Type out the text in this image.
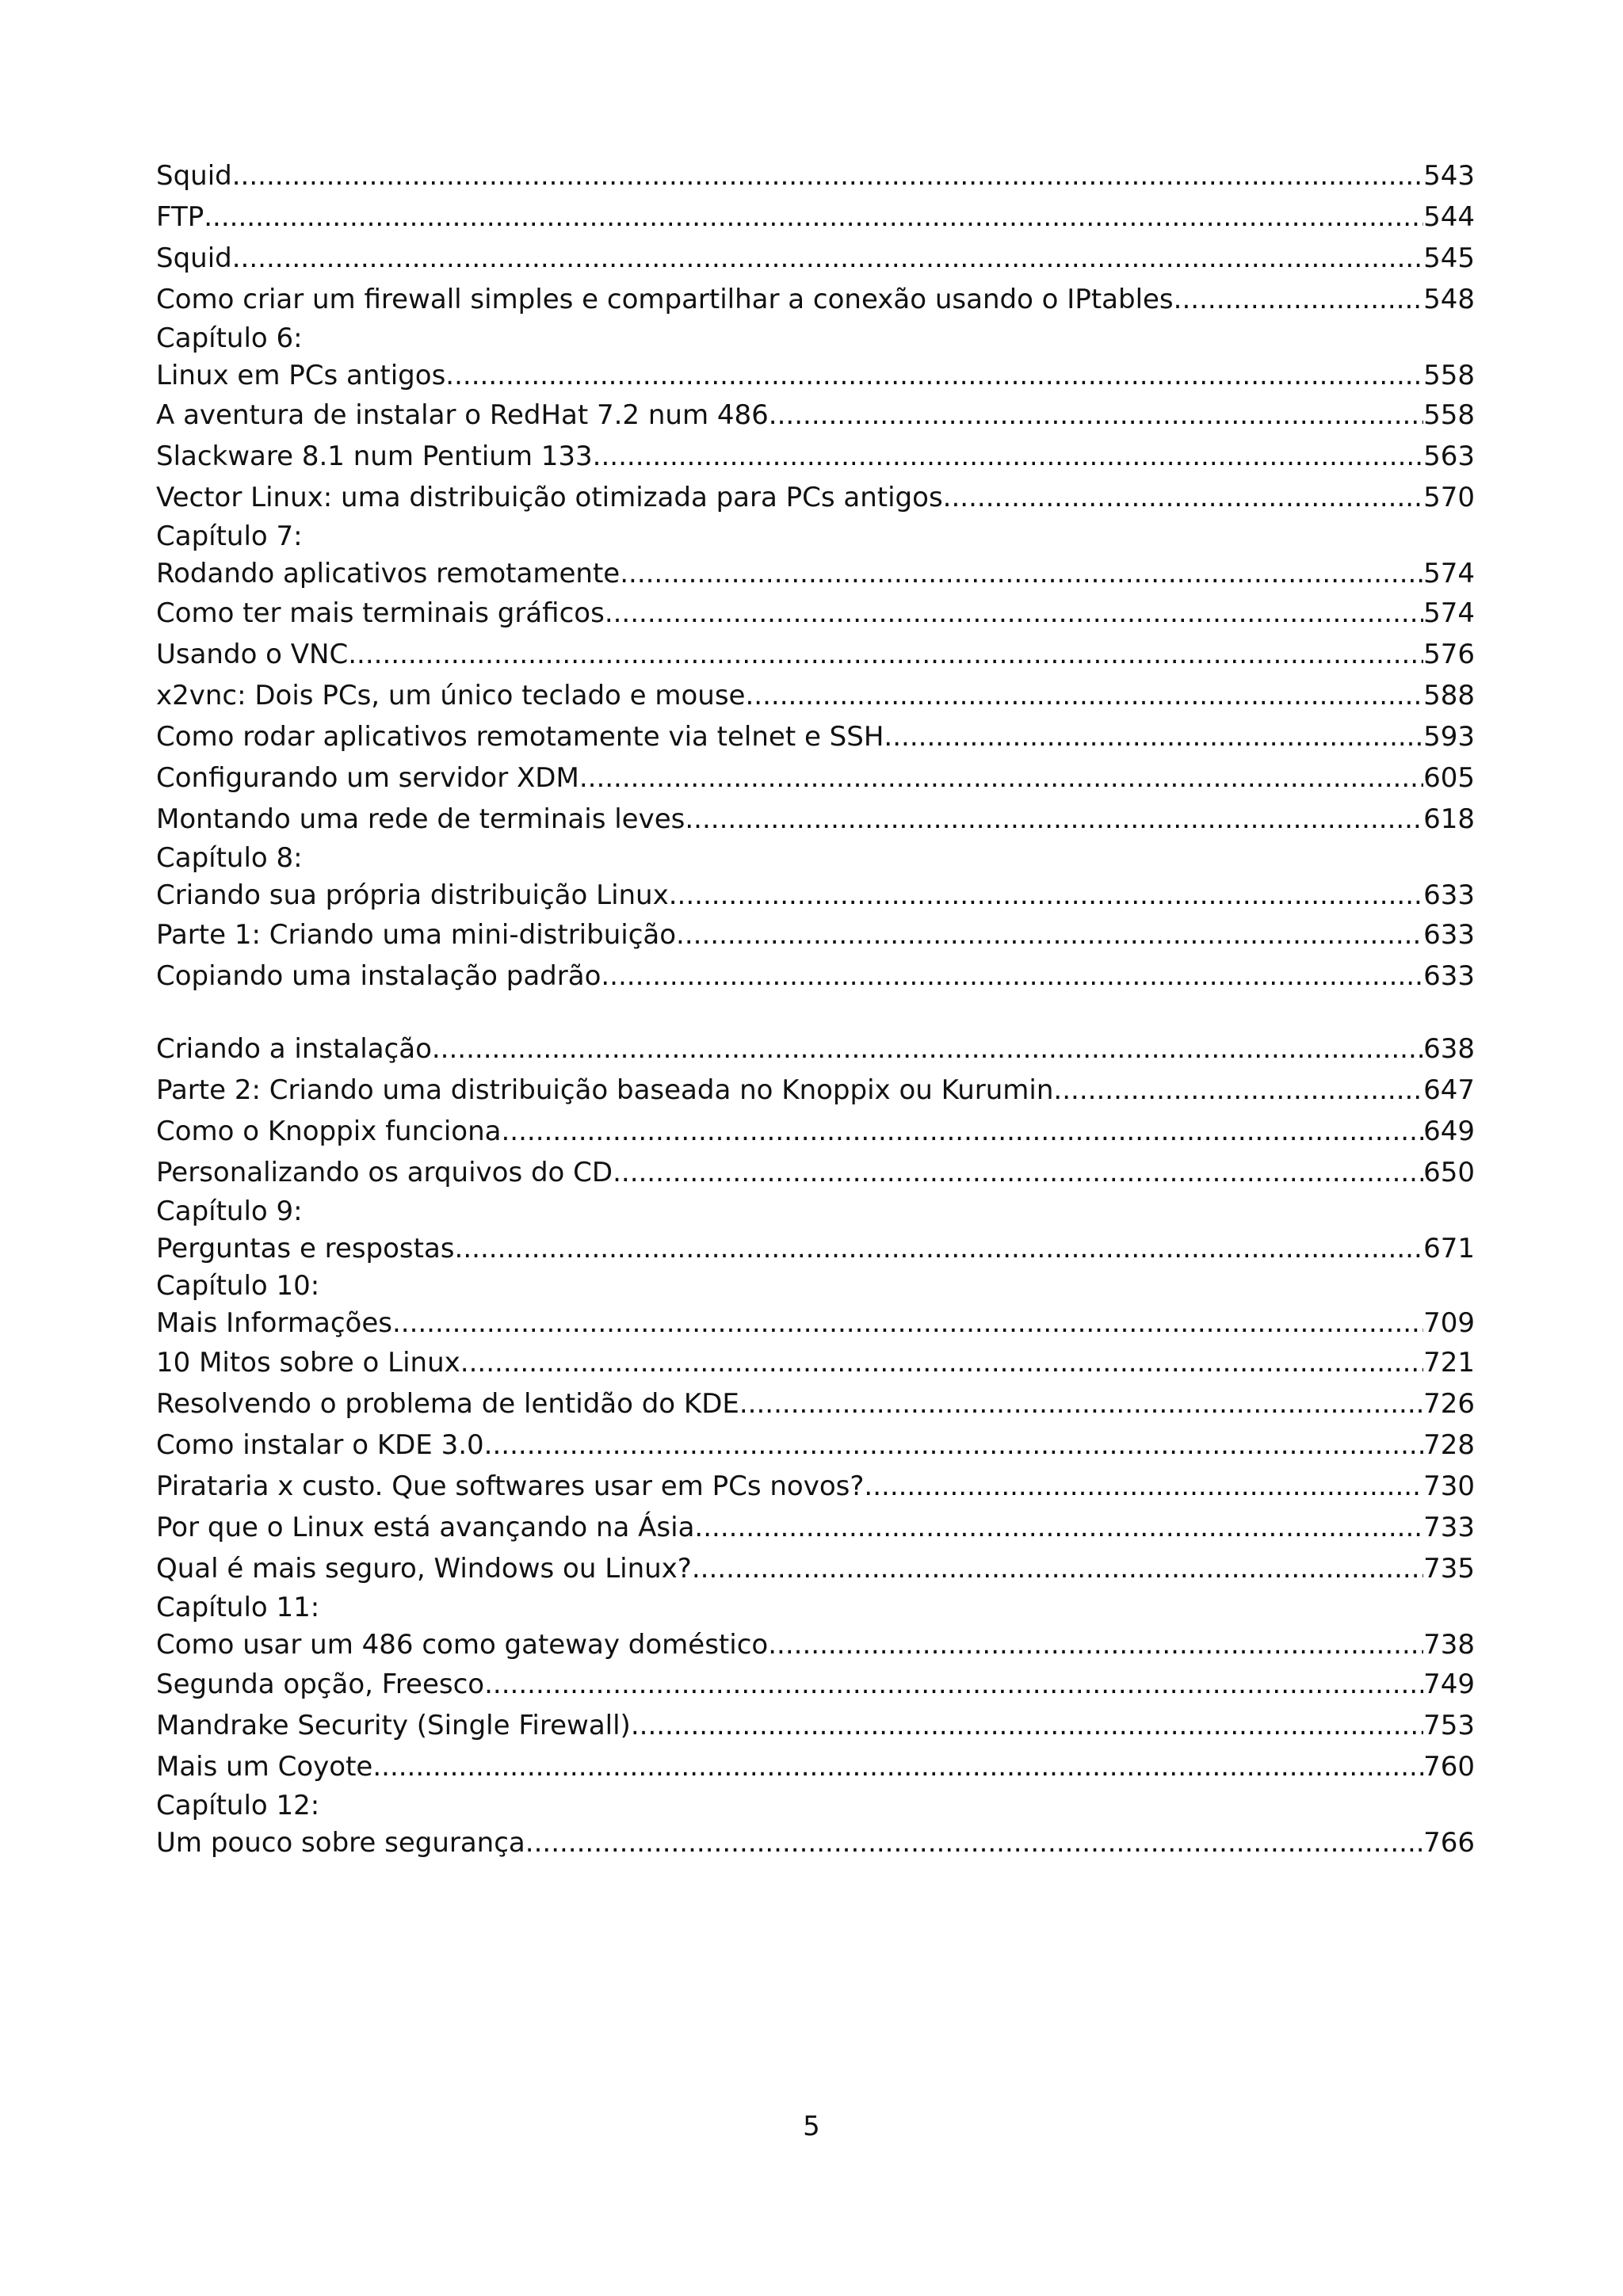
Squid .....	543
FTP .....	544
Squid .....	545
Como criar um firewall simples e compartilhar a conexão usando o IPtables .....	548
Capítulo 6:
Linux em PCs antigos .....	558
A aventura de instalar o RedHat 7.2 num 486 .....	558
Slackware 8.1 num Pentium 133 .....	563
Vector Linux: uma distribuição otimizada para PCs antigos .....	570
Capítulo 7:
Rodando aplicativos remotamente .....	574
Como ter mais terminais gráficos .....	574
Usando o VNC .....	576
x2vnc: Dois PCs, um único teclado e mouse .....	588
Como rodar aplicativos remotamente via telnet e SSH .....	593
Configurando um servidor XDM .....	605
Montando uma rede de terminais leves .....	618
Capítulo 8:
Criando sua própria distribuição Linux .....	633
Parte 1: Criando uma mini-distribuição .....	633
Copiando uma instalação padrão .....	633
Criando a instalação .....	638
Parte 2: Criando uma distribuição baseada no Knoppix ou Kurumin .....	647
Como o Knoppix funciona .....	649
Personalizando os arquivos do CD .....	650
Capítulo 9:
Perguntas e respostas .....	671
Capítulo 10:
Mais Informações .....	709
10 Mitos sobre o Linux .....	721
Resolvendo o problema de lentidão do KDE .....	726
Como instalar o KDE 3.0 .....	728
Pirataria x custo. Que softwares usar em PCs novos? .....	730
Por que o Linux está avançando na Ásia .....	733
Qual é mais seguro, Windows ou Linux? .....	735
Capítulo 11:
Como usar um 486 como gateway doméstico .....	738
Segunda opção, Freesco .....	749
Mandrake Security (Single Firewall) .....	753
Mais um Coyote .....	760
Capítulo 12:
Um pouco sobre segurança .....	766
5
